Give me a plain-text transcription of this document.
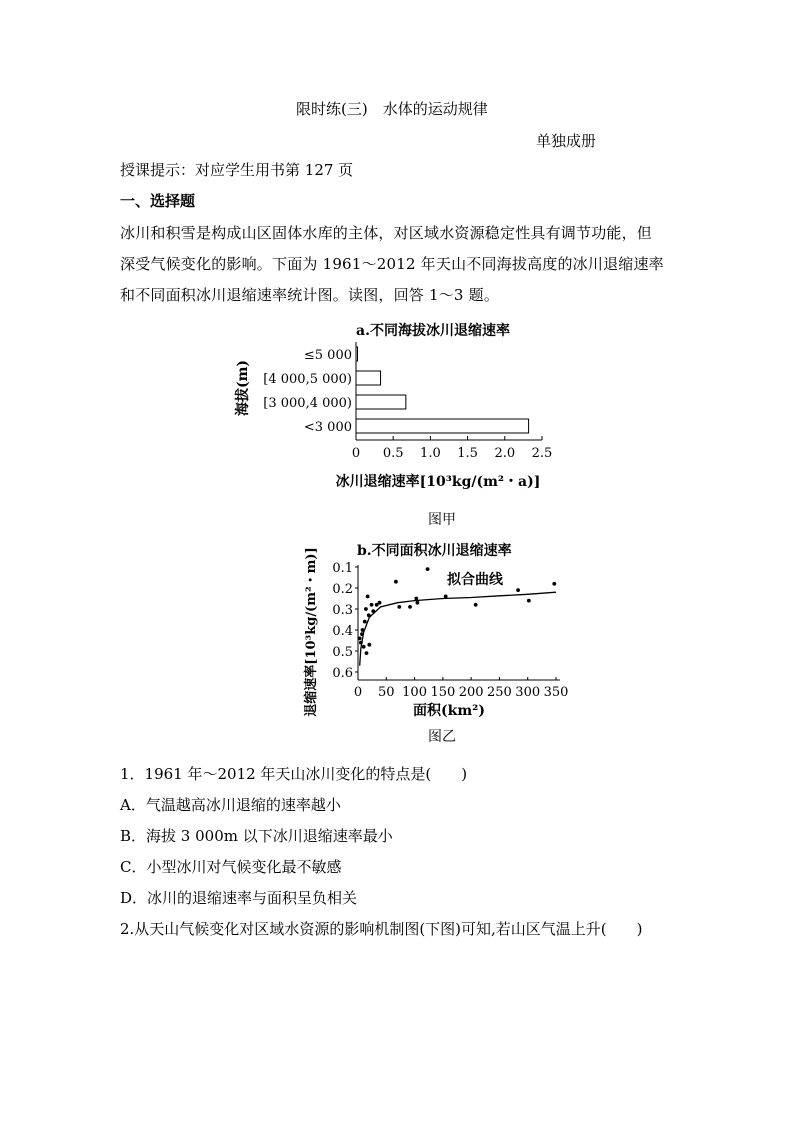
限时练(三)　水体的运动规律
单独成册
授课提示：对应学生用书第 127 页
一、选择题
冰川和积雪是构成山区固体水库的主体，对区域水资源稳定性具有调节功能，但
深受气候变化的影响。下面为 1961～2012 年天山不同海拔高度的冰川退缩速率
和不同面积冰川退缩速率统计图。读图，回答 1～3 题。
a.不同海拔冰川退缩速率
海拔(m)
≤5 000
[4 000,5 000)
[3 000,4 000)
<3 000
0 0.5 1.0 1.5 2.0 2.5
冰川退缩速率[10³kg/(m²・a)]
图甲
b.不同面积冰川退缩速率
退缩速率[10³kg/(m²・m)] 0.1
0.2
0.3
0.4
0.5
0.6
0 50 100 150 200 250 300 350
拟合曲线
面积(km²)
图乙
1．1961 年～2012 年天山冰川变化的特点是(　　)
A．气温越高冰川退缩的速率越小
B．海拔 3 000m 以下冰川退缩速率最小
C．小型冰川对气候变化最不敏感
D．冰川的退缩速率与面积呈负相关
2.从天山气候变化对区域水资源的影响机制图(下图)可知,若山区气温上升(　　)
